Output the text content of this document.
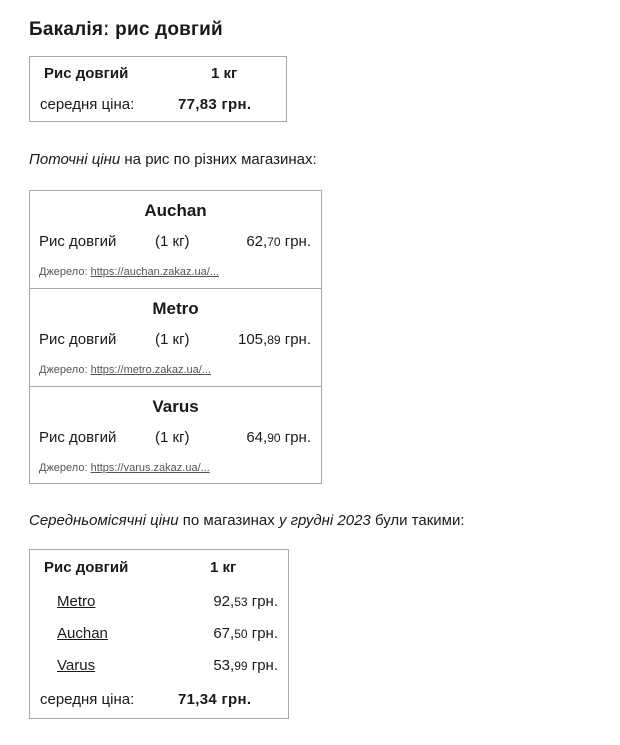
Бакаліяː рис довгий
Рис довгий	1 кг
середня ціна:	77,83 грн.
Поточні ціни на рис по різних магазинах:
Auchan
Рис довгий	(1 кг)	62,70 грн.
Джерело: https://auchan.zakaz.ua/...
Metro
Рис довгий	(1 кг)	105,89 грн.
Джерело: https://metro.zakaz.ua/...
Varus
Рис довгий	(1 кг)	64,90 грн.
Джерело: https://varus.zakaz.ua/...
Середньомісячні ціни по магазинах у грудні 2023 були такими:
Рис довгий	1 кг
Metro	92,53 грн.
Auchan	67,50 грн.
Varus	53,99 грн.
середня ціна:	71,34 грн.
